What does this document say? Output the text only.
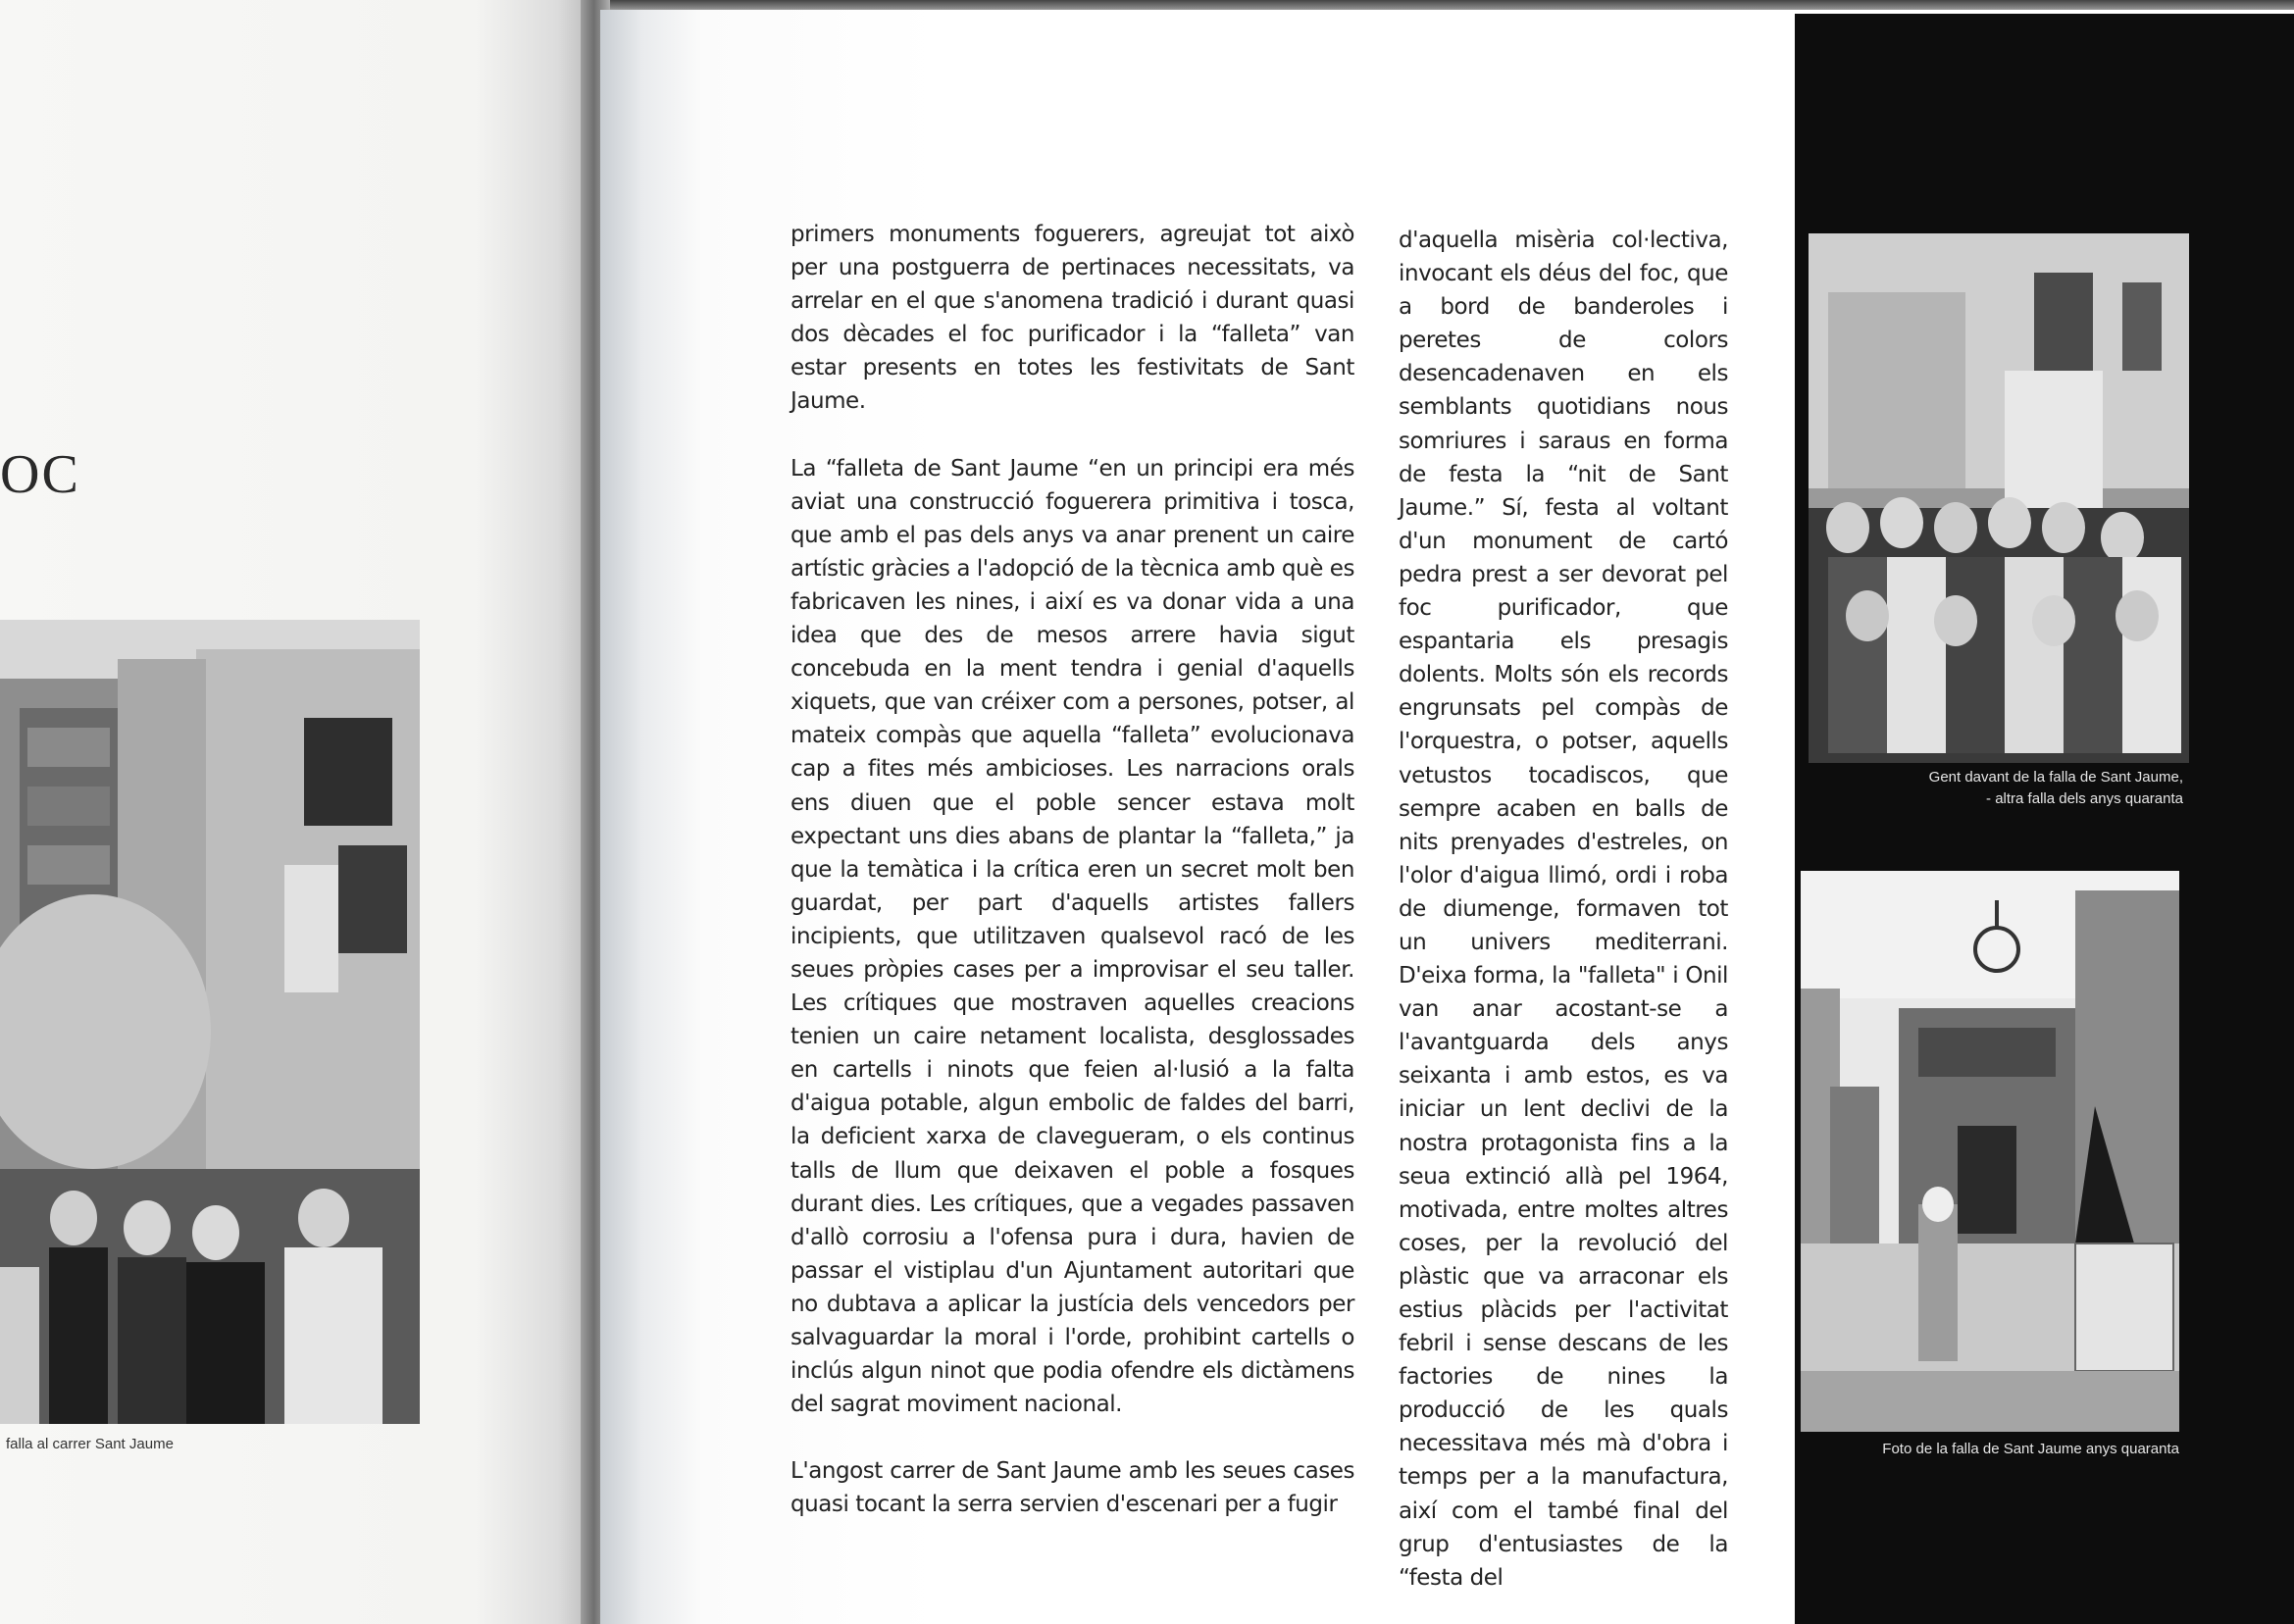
OC
falla al carrer Sant Jaume

primers monuments foguerers, agreujat tot això per una postguerra de pertinaces necessitats, va arrelar en el que s'anomena tradició i durant quasi dos dècades el foc purificador i la “falleta” van estar presents en totes les festivitats de Sant Jaume.

La “falleta de Sant Jaume “en un principi era més aviat una construcció foguerera primitiva i tosca, que amb el pas dels anys va anar prenent un caire artístic gràcies a l'adopció de la tècnica amb què es fabricaven les nines, i així es va donar vida a una idea que des de mesos arrere havia sigut concebuda en la ment tendra i genial d'aquells xiquets, que van créixer com a persones, potser, al mateix compàs que aquella “falleta” evolucionava cap a fites més ambicioses. Les narracions orals ens diuen que el poble sencer estava molt expectant uns dies abans de plantar la “falleta,” ja que la temàtica i la crítica eren un secret molt ben guardat, per part d'aquells artistes fallers incipients, que utilitzaven qualsevol racó de les seues pròpies cases per a improvisar el seu taller. Les crítiques que mostraven aquelles creacions tenien un caire netament localista, desglossades en cartells i ninots que feien al·lusió a la falta d'aigua potable, algun embolic de faldes del barri, la deficient xarxa de clavegueram, o els continus talls de llum que deixaven el poble a fosques durant dies. Les crítiques, que a vegades passaven d'allò corrosiu a l'ofensa pura i dura, havien de passar el vistiplau d'un Ajuntament autoritari que no dubtava a aplicar la justícia dels vencedors per salvaguardar la moral i l'orde, prohibint cartells o inclús algun ninot que podia ofendre els dictàmens del sagrat moviment nacional.

L'angost carrer de Sant Jaume amb les seues cases quasi tocant la serra servien d'escenari per a fugir

d'aquella misèria col·lectiva, invocant els déus del foc, que a bord de banderoles i peretes de colors desencadenaven en els semblants quotidians nous somriures i saraus en forma de festa la “nit de Sant Jaume.” Sí, festa al voltant d'un monument de cartó pedra prest a ser devorat pel foc purificador, que espantaria els presagis dolents. Molts són els records engrunsats pel compàs de l'orquestra, o potser, aquells vetustos tocadiscos, que sempre acaben en balls de nits prenyades d'estreles, on l'olor d'aigua llimó, ordi i roba de diumenge, formaven tot un univers mediterrani. D'eixa forma, la "falleta" i Onil van anar acostant-se a l'avantguarda dels anys seixanta i amb estos, es va iniciar un lent declivi de la nostra protagonista fins a la seua extinció allà pel 1964, motivada, entre moltes altres coses, per la revolució del plàstic que va arraconar els estius plàcids per l'activitat febril i sense descans de les factories de nines la producció de les quals necessitava més mà d'obra i temps per a la manufactura, així com el també final del grup d'entusiastes de la “festa del

Gent davant de la falla de Sant Jaume,
- altra falla dels anys quaranta
Foto de la falla de Sant Jaume anys quaranta
